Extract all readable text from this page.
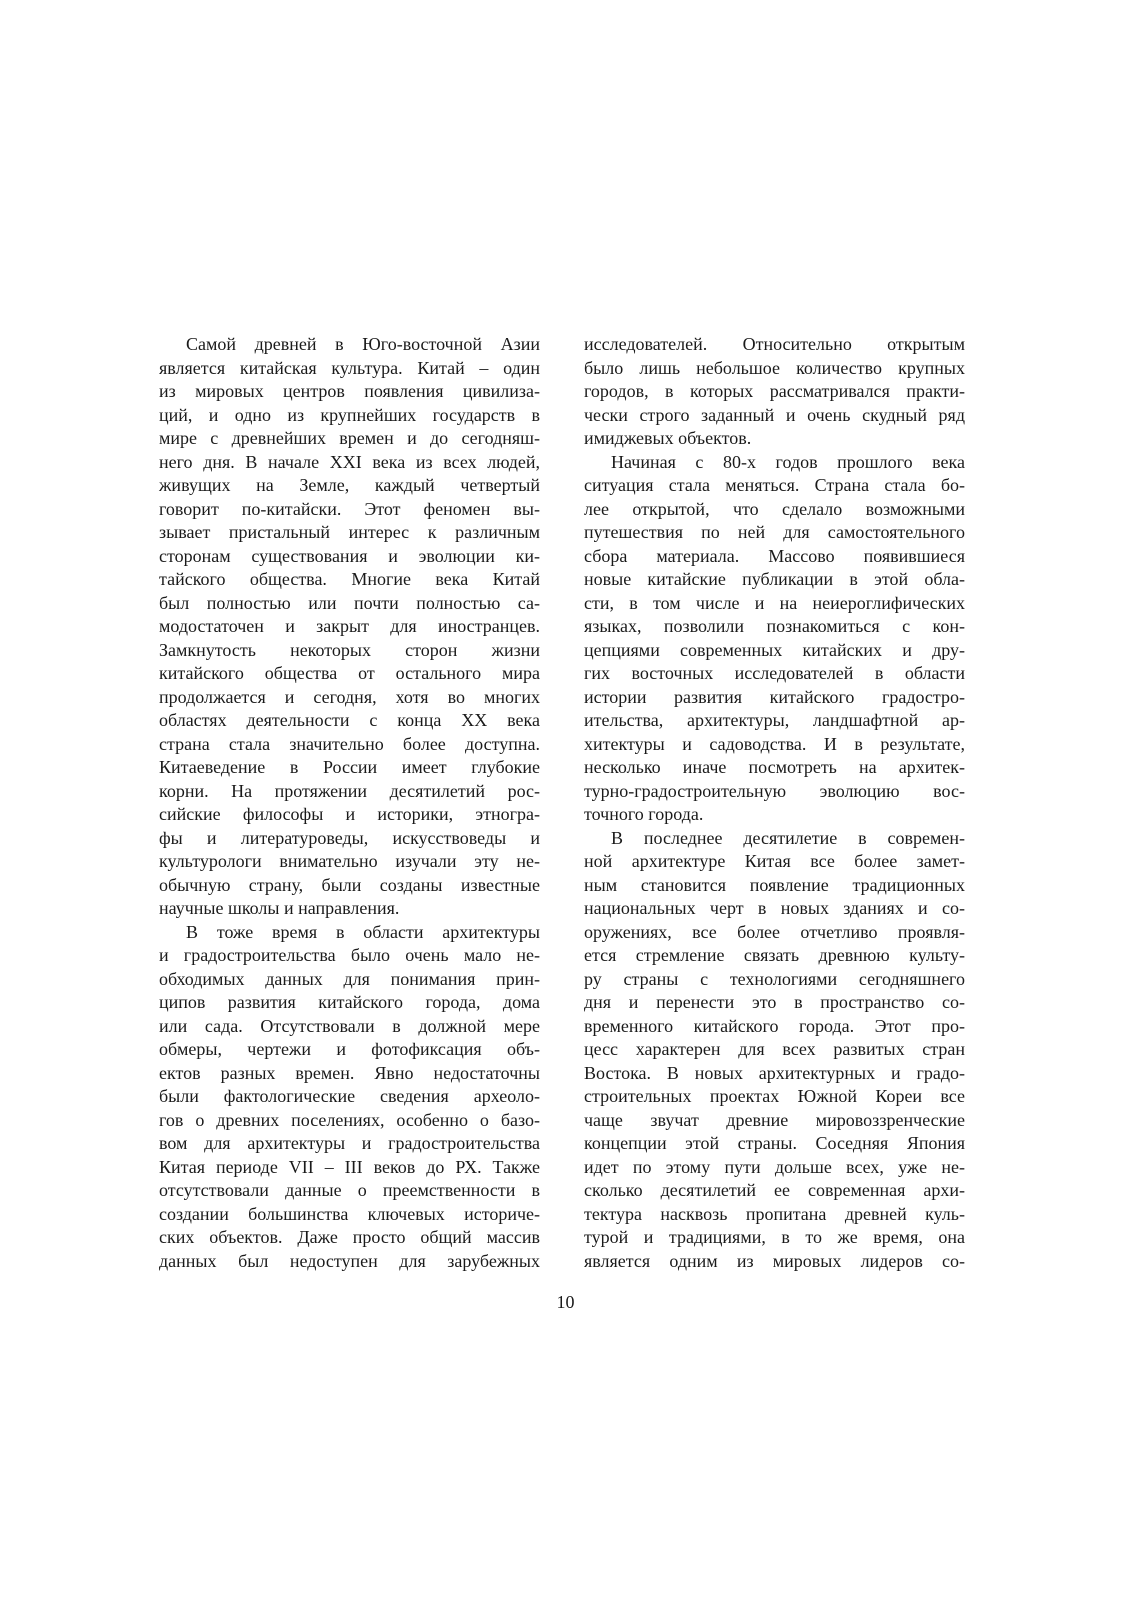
Самой древней в Юго-восточной Азии
является китайская культура. Китай – один
из мировых центров появления цивилиза-
ций, и одно из крупнейших государств в
мире с древнейших времен и до сегодняш-
него дня. В начале XXI века из всех людей,
живущих на Земле, каждый четвертый
говорит по-китайски. Этот феномен вы-
зывает пристальный интерес к различным
сторонам существования и эволюции ки-
тайского общества. Многие века Китай
был полностью или почти полностью са-
модостаточен и закрыт для иностранцев.
Замкнутость некоторых сторон жизни
китайского общества от остального мира
продолжается и сегодня, хотя во многих
областях деятельности с конца XX века
страна стала значительно более доступна.
Китаеведение в России имеет глубокие
корни. На протяжении десятилетий рос-
сийские философы и историки, этногра-
фы и литературоведы, искусствоведы и
культурологи внимательно изучали эту не-
обычную страну, были созданы известные
научные школы и направления.
В тоже время в области архитектуры
и градостроительства было очень мало не-
обходимых данных для понимания прин-
ципов развития китайского города, дома
или сада. Отсутствовали в должной мере
обмеры, чертежи и фотофиксация объ-
ектов разных времен. Явно недостаточны
были фактологические сведения археоло-
гов о древних поселениях, особенно о базо-
вом для архитектуры и градостроительства
Китая периоде VII – III веков до РХ. Также
отсутствовали данные о преемственности в
создании большинства ключевых историче-
ских объектов. Даже просто общий массив
данных был недоступен для зарубежных
исследователей. Относительно открытым
было лишь небольшое количество крупных
городов, в которых рассматривался практи-
чески строго заданный и очень скудный ряд
имиджевых объектов.
Начиная с 80-х годов прошлого века
ситуация стала меняться. Страна стала бо-
лее открытой, что сделало возможными
путешествия по ней для самостоятельного
сбора материала. Массово появившиеся
новые китайские публикации в этой обла-
сти, в том числе и на неиероглифических
языках, позволили познакомиться с кон-
цепциями современных китайских и дру-
гих восточных исследователей в области
истории развития китайского градостро-
ительства, архитектуры, ландшафтной ар-
хитектуры и садоводства. И в результате,
несколько иначе посмотреть на архитек-
турно-градостроительную эволюцию вос-
точного города.
В последнее десятилетие в современ-
ной архитектуре Китая все более замет-
ным становится появление традиционных
национальных черт в новых зданиях и со-
оружениях, все более отчетливо проявля-
ется стремление связать древнюю культу-
ру страны с технологиями сегодняшнего
дня и перенести это в пространство со-
временного китайского города. Этот про-
цесс характерен для всех развитых стран
Востока. В новых архитектурных и градо-
строительных проектах Южной Кореи все
чаще звучат древние мировоззренческие
концепции этой страны. Соседняя Япония
идет по этому пути дольше всех, уже не-
сколько десятилетий ее современная архи-
тектура насквозь пропитана древней куль-
турой и традициями, в то же время, она
является одним из мировых лидеров со-
10
